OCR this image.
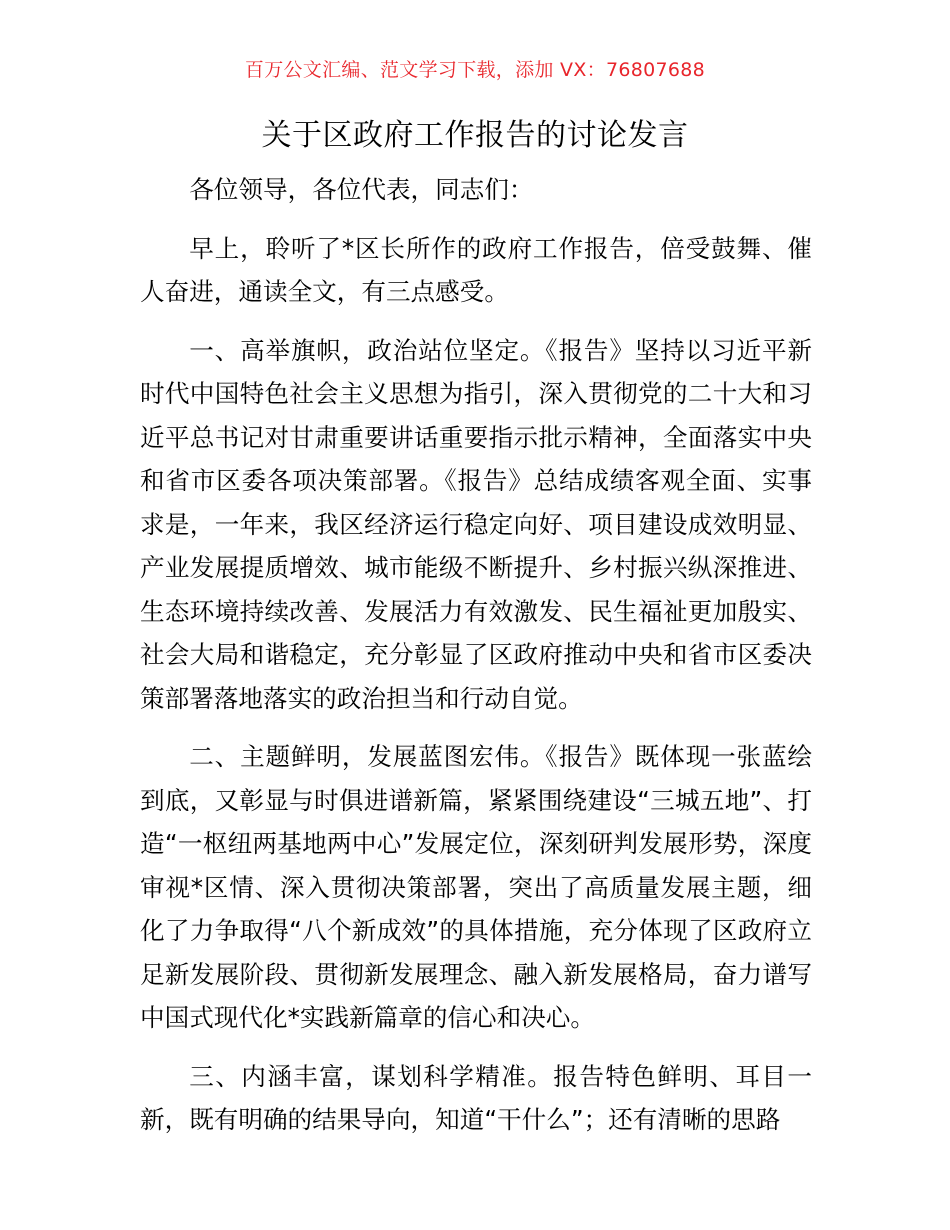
百万公文汇编、范文学习下载，添加 VX：76807688
关于区政府工作报告的讨论发言

各位领导，各位代表，同志们：

早上，聆听了*区长所作的政府工作报告，倍受鼓舞、催人奋进，通读全文，有三点感受。

一、高举旗帜，政治站位坚定。《报告》坚持以习近平新时代中国特色社会主义思想为指引，深入贯彻党的二十大和习近平总书记对甘肃重要讲话重要指示批示精神，全面落实中央和省市区委各项决策部署。《报告》总结成绩客观全面、实事求是，一年来，我区经济运行稳定向好、项目建设成效明显、产业发展提质增效、城市能级不断提升、乡村振兴纵深推进、生态环境持续改善、发展活力有效激发、民生福祉更加殷实、社会大局和谐稳定，充分彰显了区政府推动中央和省市区委决策部署落地落实的政治担当和行动自觉。

二、主题鲜明，发展蓝图宏伟。《报告》既体现一张蓝绘到底，又彰显与时俱进谱新篇，紧紧围绕建设“三城五地”、打造“一枢纽两基地两中心”发展定位，深刻研判发展形势，深度审视*区情、深入贯彻决策部署，突出了高质量发展主题，细化了力争取得“八个新成效”的具体措施，充分体现了区政府立足新发展阶段、贯彻新发展理念、融入新发展格局，奋力谱写中国式现代化*实践新篇章的信心和决心。

三、内涵丰富，谋划科学精准。报告特色鲜明、耳目一新，既有明确的结果导向，知道“干什么”；还有清晰的思路
